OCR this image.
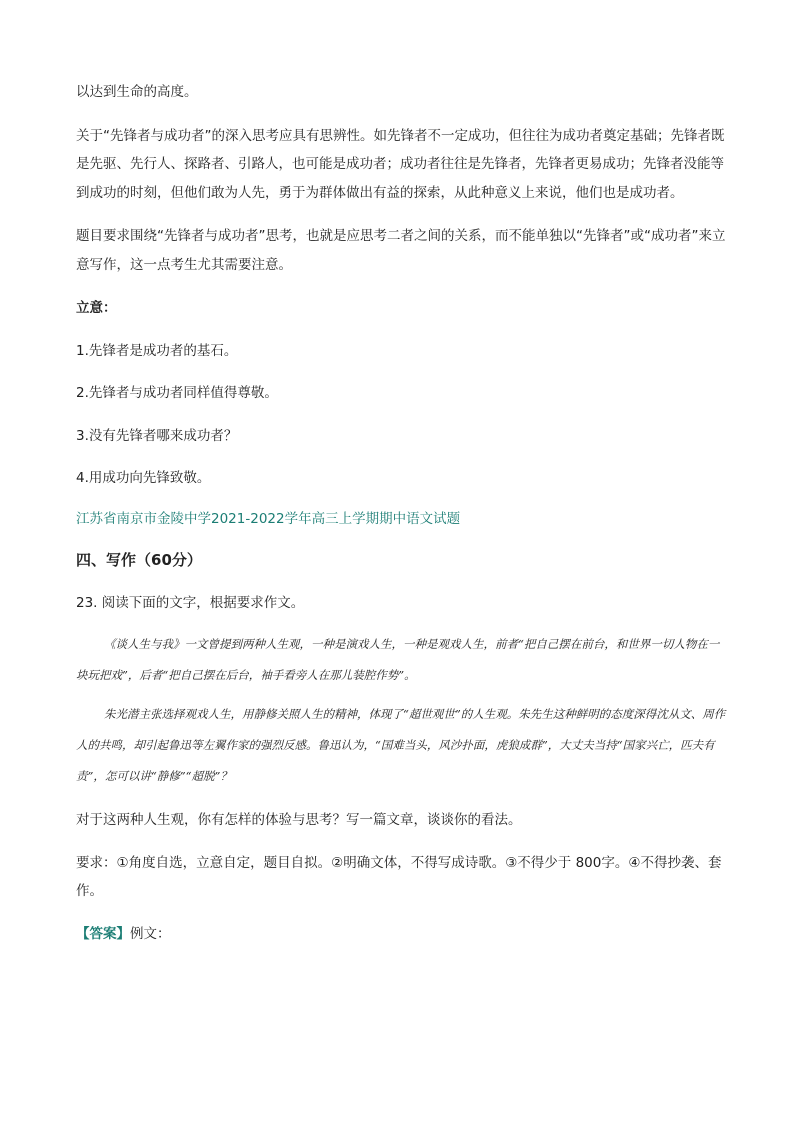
以达到生命的高度。

关于“先锋者与成功者”的深入思考应具有思辨性。如先锋者不一定成功，但往往为成功者奠定基础；先锋者既是先驱、先行人、探路者、引路人，也可能是成功者；成功者往往是先锋者，先锋者更易成功；先锋者没能等到成功的时刻，但他们敢为人先，勇于为群体做出有益的探索，从此种意义上来说，他们也是成功者。

题目要求围绕“先锋者与成功者”思考，也就是应思考二者之间的关系，而不能单独以“先锋者”或“成功者”来立意写作，这一点考生尤其需要注意。

立意：

1.先锋者是成功者的基石。

2.先锋者与成功者同样值得尊敬。

3.没有先锋者哪来成功者？

4.用成功向先锋致敬。

江苏省南京市金陵中学2021-2022学年高三上学期期中语文试题

四、写作（60分）

23. 阅读下面的文字，根据要求作文。

《谈人生与我》一文曾提到两种人生观，一种是演戏人生，一种是观戏人生，前者“把自己摆在前台，和世界一切人物在一块玩把戏”，后者“把自己摆在后台，袖手看旁人在那儿装腔作势”。

朱光潜主张选择观戏人生，用静修关照人生的精神，体现了“超世观世”的人生观。朱先生这种鲜明的态度深得沈从文、周作人的共鸣，却引起鲁迅等左翼作家的强烈反感。鲁迅认为，“国难当头，风沙扑面，虎狼成群”，大丈夫当持“国家兴亡，匹夫有责”，怎可以讲“静修”“超脱”？

对于这两种人生观，你有怎样的体验与思考？写一篇文章，谈谈你的看法。

要求：①角度自选，立意自定，题目自拟。②明确文体，不得写成诗歌。③不得少于 800字。④不得抄袭、套作。

【答案】例文：
